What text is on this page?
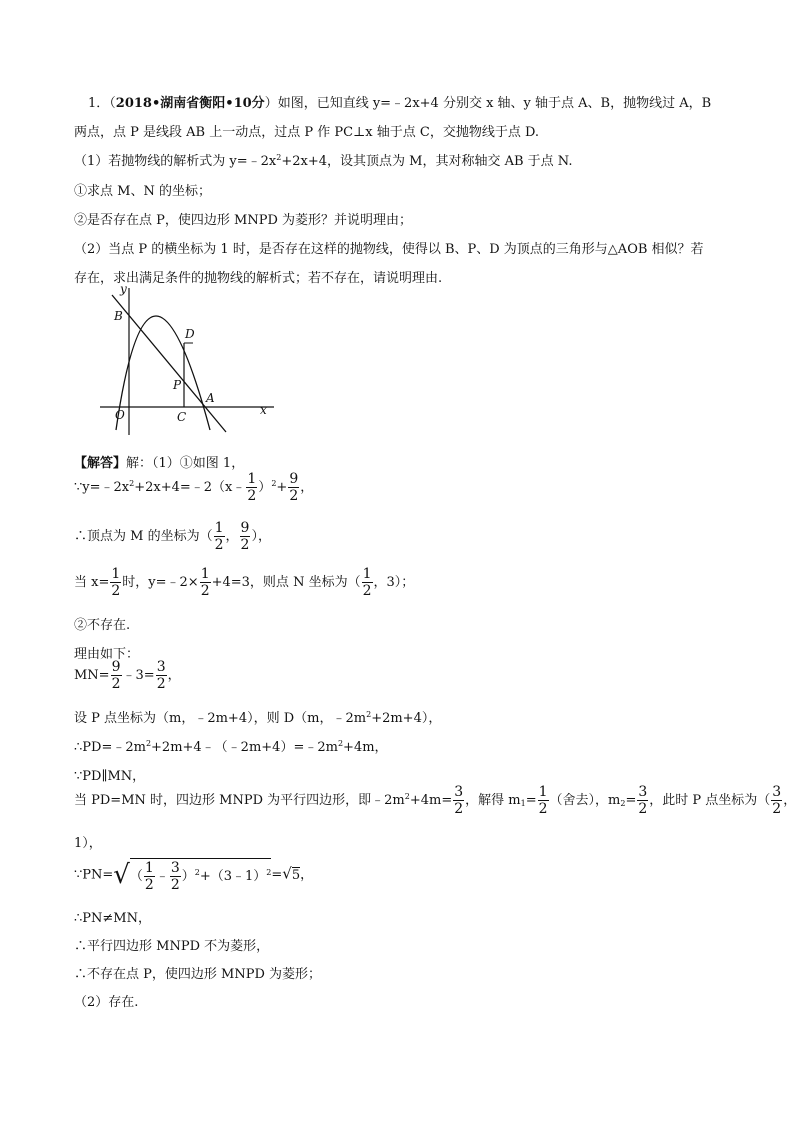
1．（2018•湖南省衡阳•10分）如图，已知直线 y=﹣2x+4 分别交 x 轴、y 轴于点 A、B，抛物线过 A，B
两点，点 P 是线段 AB 上一动点，过点 P 作 PC⊥x 轴于点 C，交抛物线于点 D.
（1）若抛物线的解析式为 $y=﹣2x^2+2x+4$，设其顶点为 M，其对称轴交 AB 于点 N.
①求点 M、N 的坐标；
②是否存在点 P，使四边形 MNPD 为菱形？并说明理由；
（2）当点 P 的横坐标为 1 时，是否存在这样的抛物线，使得以 B、P、D 为顶点的三角形与△AOB 相似？若
存在，求出满足条件的抛物线的解析式；若不存在，请说明理由.
y
x
B
D
P
A
O	C
【解答】解：（1）①如图 1，
$\because y=﹣2x^2+2x+4=﹣2(x﹣ \frac{1}{2} )^2+ \frac{9}{2}$ ，
∴顶点为 M 的坐标为（ $\frac{1}{2}$ ， $\frac{9}{2}$ ），
当 $x= \frac{1}{2}$ 时，y=﹣2× $\frac{1}{2} +4=3$，则点 N 坐标为（ $\frac{1}{2}$ ，3）；
②不存在.
理由如下：
$MN= \frac{9}{2}$ ﹣3= $\frac{3}{2}$ ，
设 P 点坐标为（m，﹣2m+4），则 D（m，$﹣2m^2+2m+4$），
$\therefore PD=﹣2m^2+2m+4﹣(﹣2m+4)=﹣2m^2+4m$，
∵PD∥MN，
当 PD=MN 时，四边形 MNPD 为平行四边形，即$﹣2m^2+4m= \frac{3}{2}$ ，解得 $m_1= \frac{1}{2}$ （舍去），$m_2= \frac{3}{2}$ ，此时 P 点坐标为（ $\frac{3}{2}$ ，
1），
∵PN=√（ $\frac{1}{2}$ ﹣ $\frac{3}{2}$ ）$^2$+（3﹣1）$^2$=√5，
∴PN≠MN，
∴平行四边形 MNPD 不为菱形，
∴不存在点 P，使四边形 MNPD 为菱形；
（2）存在.
